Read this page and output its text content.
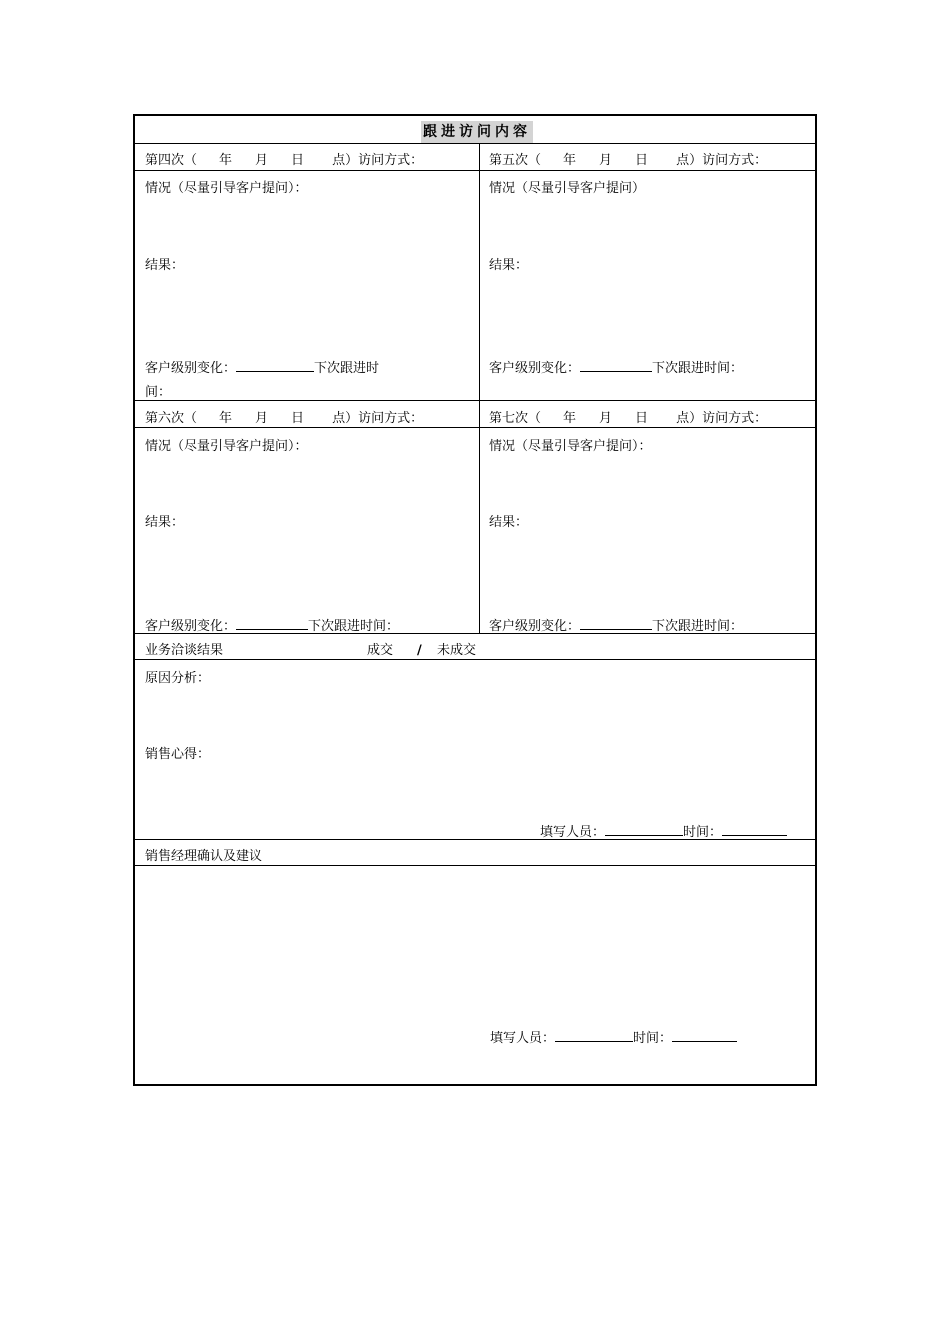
跟进访问内容
第四次（ 年 月 日 点）访问方式：
情况（尽量引导客户提问）：
结果：
客户级别变化：	下次跟进时
间：
第五次（ 年 月 日 点）访问方式：
情况（尽量引导客户提问）
结果：
客户级别变化：	下次跟进时间：
第六次（ 年 月 日 点）访问方式：
情况（尽量引导客户提问）：
结果：
客户级别变化：	下次跟进时间：
第七次（ 年 月 日 点）访问方式：
情况（尽量引导客户提问）：
结果：
客户级别变化：	下次跟进时间：
业务洽谈结果	成交 / 未成交
原因分析：
销售心得：
填写人员：	时间：
销售经理确认及建议
填写人员：	时间：
